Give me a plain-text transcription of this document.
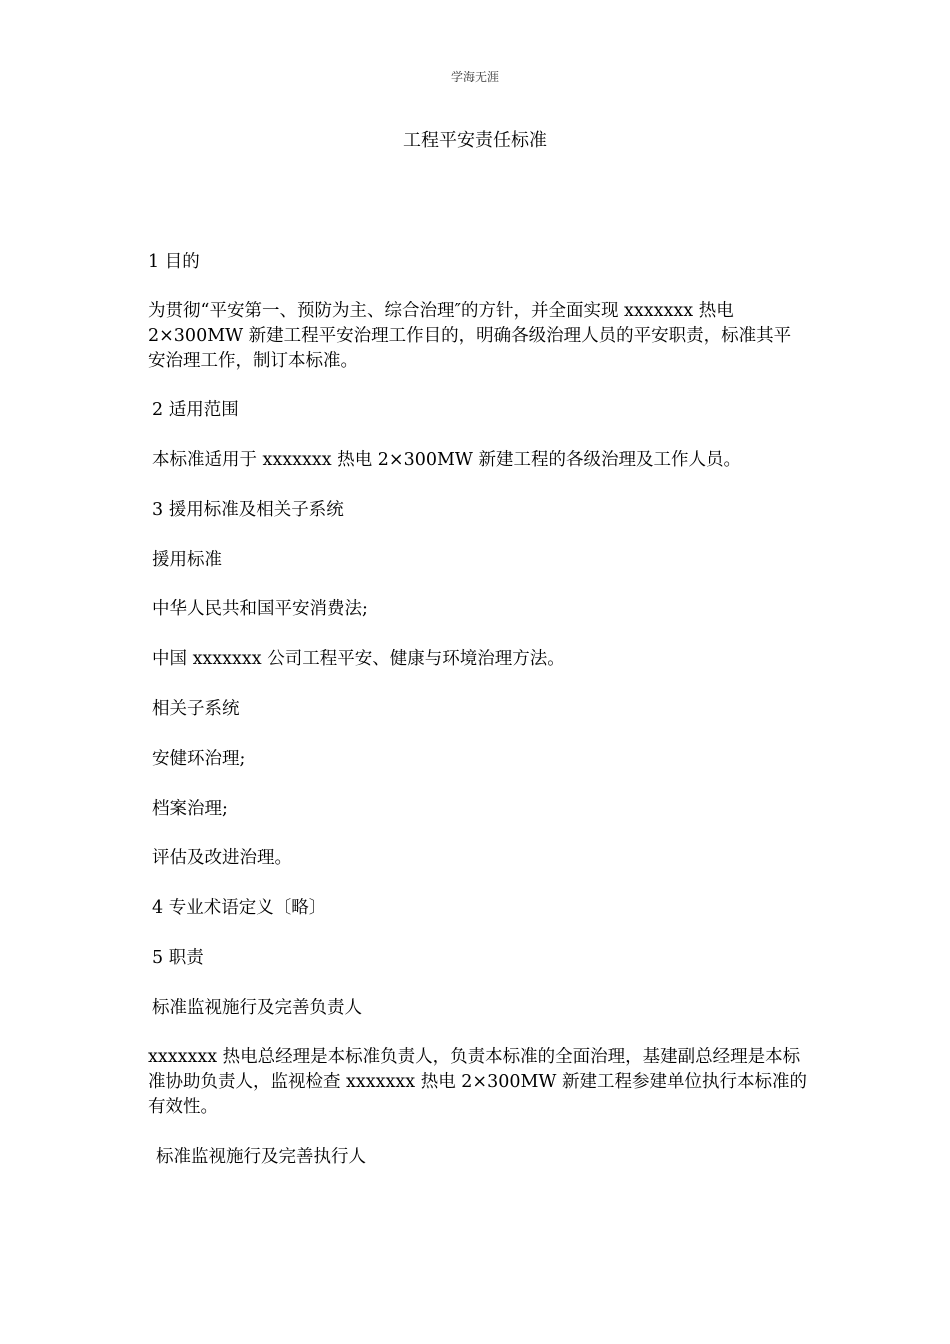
学海无涯
工程平安责任标准
1 目的
为贯彻“平安第一、预防为主、综合治理″的方针，并全面实现 xxxxxxx 热电 2×300MW 新建工程平安治理工作目的，明确各级治理人员的平安职责，标准其平安治理工作，制订本标准。
2 适用范围
本标准适用于 xxxxxxx 热电 2×300MW 新建工程的各级治理及工作人员。
3 援用标准及相关子系统
援用标准
中华人民共和国平安消费法;
中国 xxxxxxx 公司工程平安、健康与环境治理方法。
相关子系统
安健环治理;
档案治理;
评估及改进治理。
4 专业术语定义〔略〕
5 职责
标准监视施行及完善负责人
xxxxxxx 热电总经理是本标准负责人，负责本标准的全面治理，基建副总经理是本标准协助负责人，监视检查 xxxxxxx 热电 2×300MW 新建工程参建单位执行本标准的有效性。
标准监视施行及完善执行人
